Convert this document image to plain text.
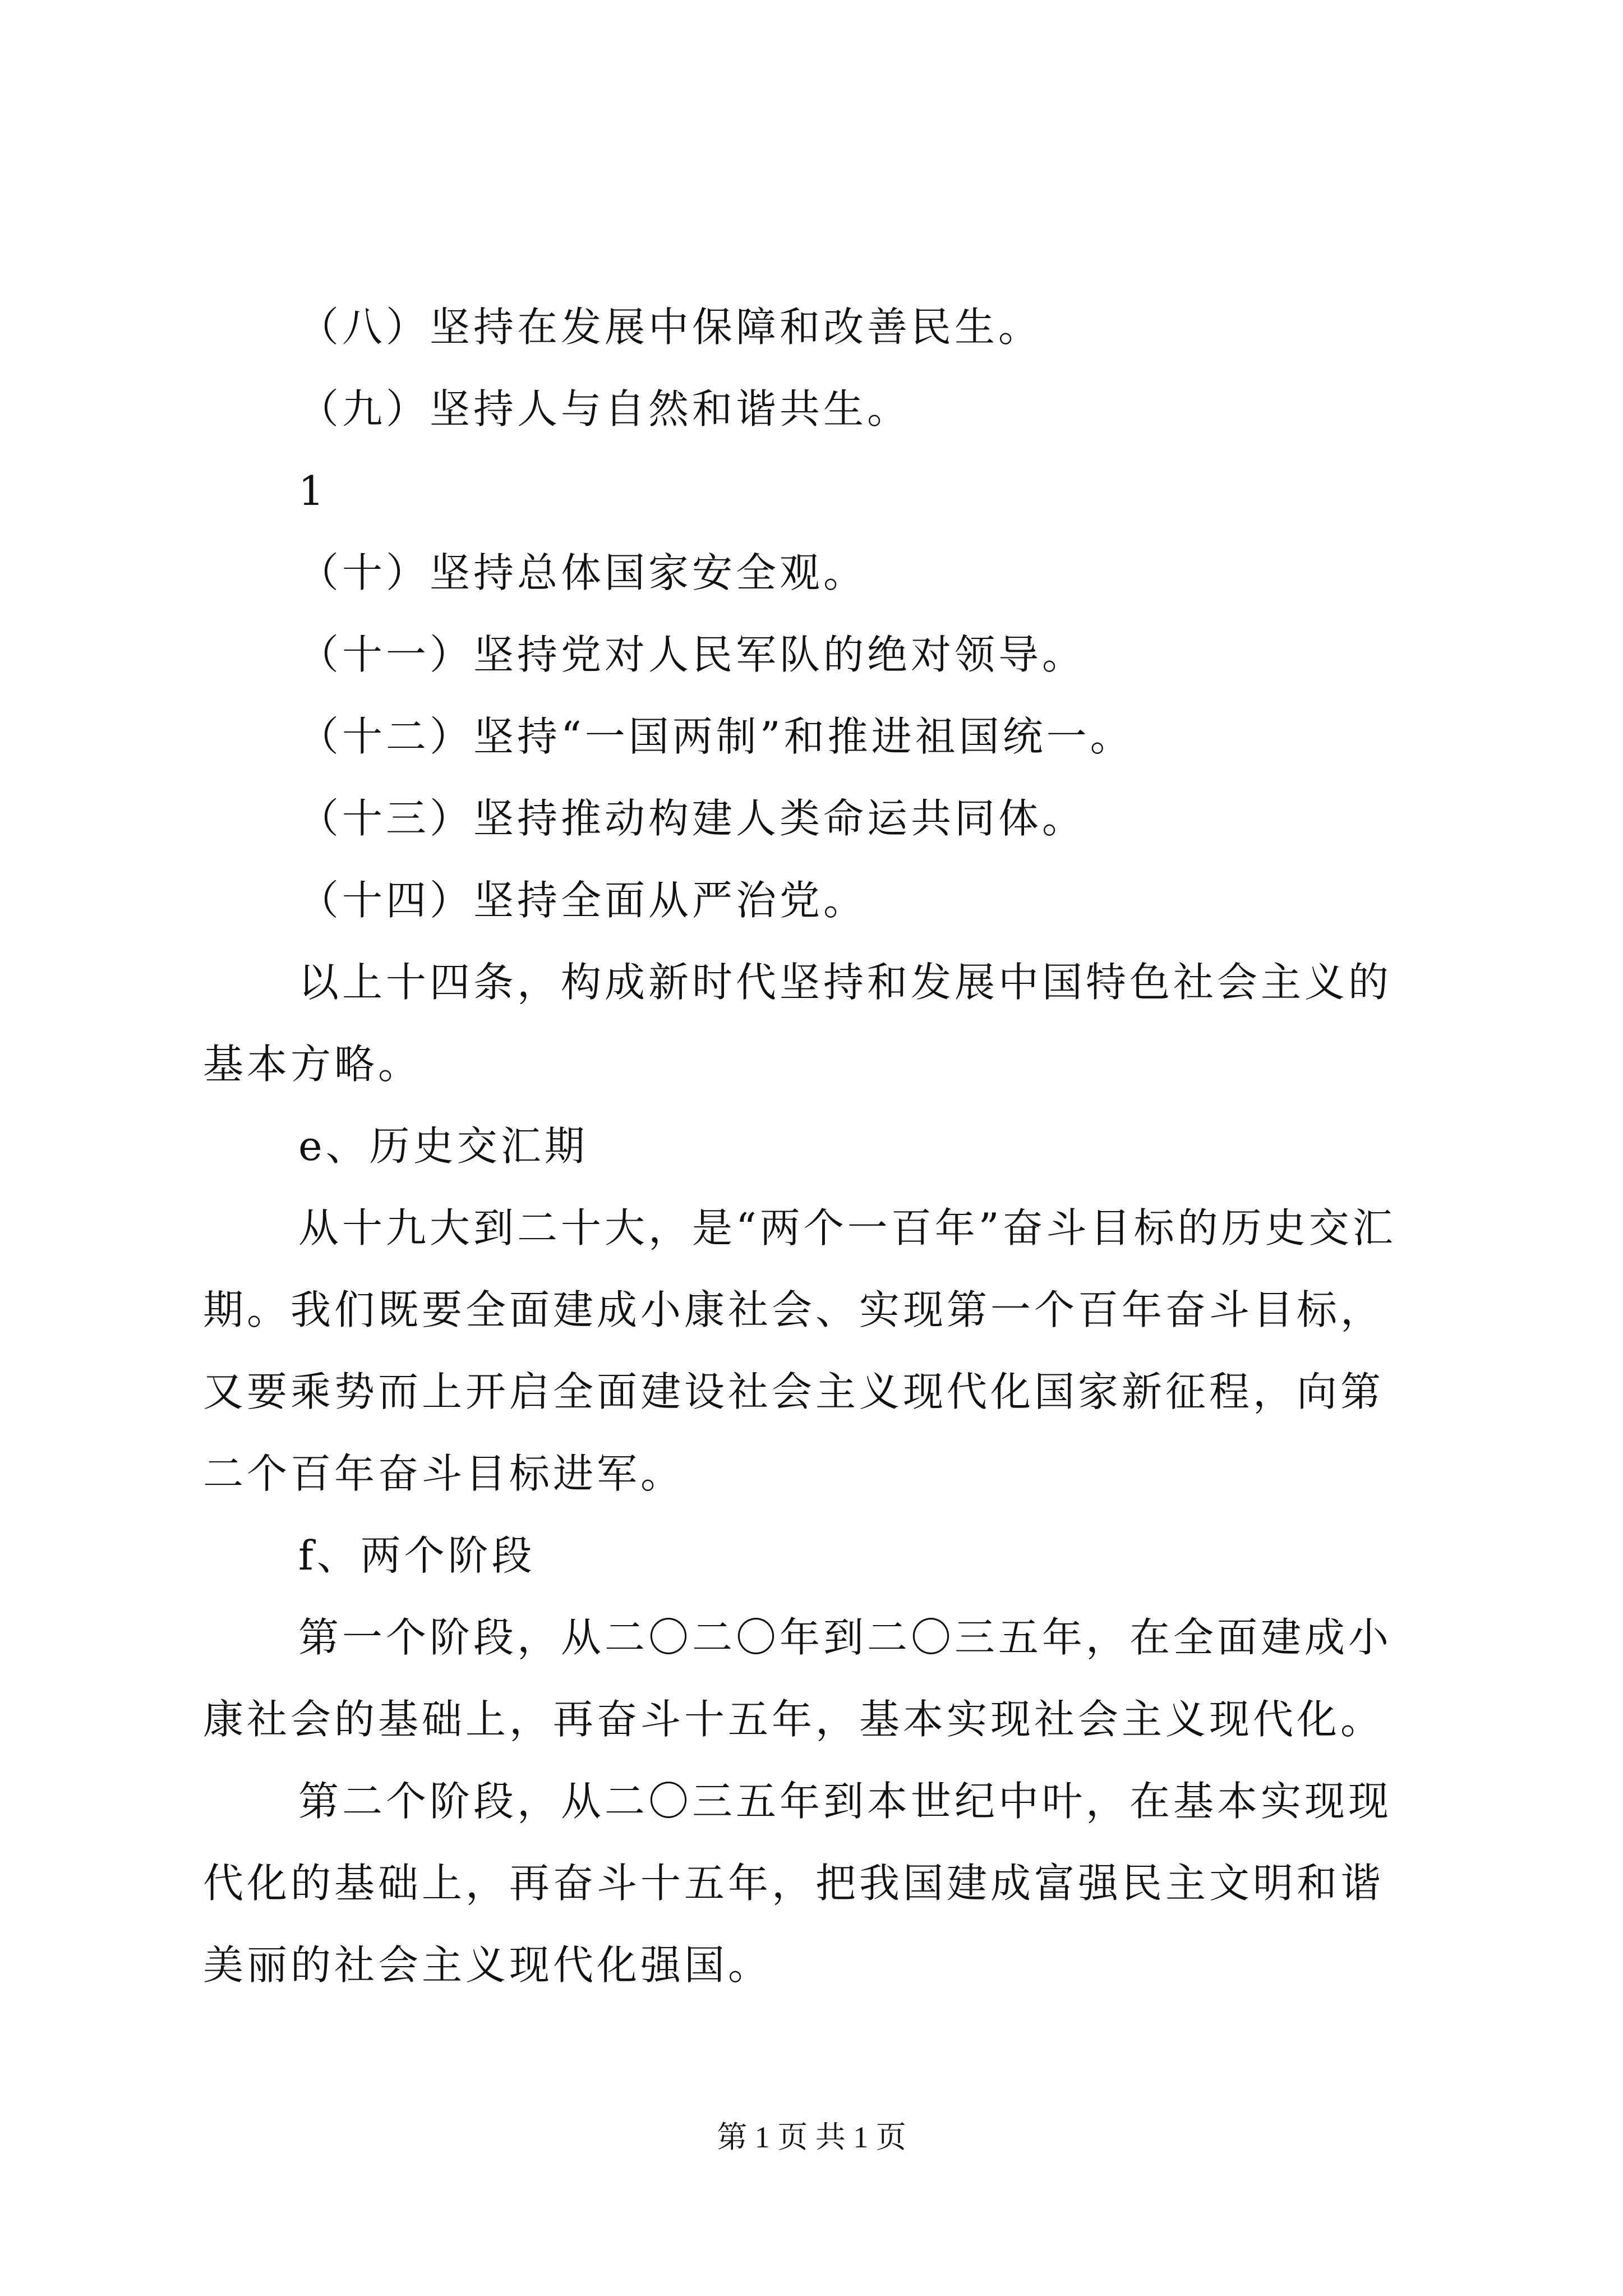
（八）坚持在发展中保障和改善民生。

（九）坚持人与自然和谐共生。

1

（十）坚持总体国家安全观。

（十一）坚持党对人民军队的绝对领导。

（十二）坚持“一国两制”和推进祖国统一。

（十三）坚持推动构建人类命运共同体。

（十四）坚持全面从严治党。

以上十四条，构成新时代坚持和发展中国特色社会主义的基本方略。

e、历史交汇期

从十九大到二十大，是“两个一百年”奋斗目标的历史交汇期。我们既要全面建成小康社会、实现第一个百年奋斗目标，又要乘势而上开启全面建设社会主义现代化国家新征程，向第二个百年奋斗目标进军。

f、两个阶段

第一个阶段，从二〇二〇年到二〇三五年，在全面建成小康社会的基础上，再奋斗十五年，基本实现社会主义现代化。

第二个阶段，从二〇三五年到本世纪中叶，在基本实现现代化的基础上，再奋斗十五年，把我国建成富强民主文明和谐美丽的社会主义现代化强国。

第 1 页 共 1 页
